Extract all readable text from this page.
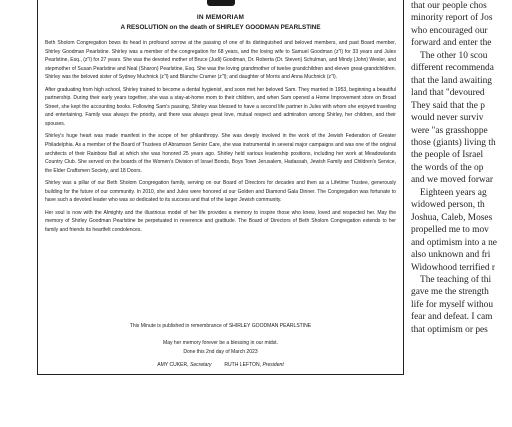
IN MEMORIAM
A RESOLUTION on the death of SHIRLEY GOODMAN PEARLSTINE

Beth Sholom Congregation bows its head in profound sorrow at the passing of one of its distinguished and beloved members, and past Board member, Shirley Goodman Pearlstine. Shirley was a member of the congregation for 68 years, and the loving wife to Samuel Goodman (z"l) for 33 years and Jules Pearlstine, Esq., (z"l) for 27 years. She was the devoted mother of Bruce (Judi) Goodman, Dr. Roberta (Dr. Steven) Schulman, and Mindy (John) Wexler, and stepmother of Susan Pearlstine and Neal (Sharon) Pearlstine, Esq. She was the loving grandmother of twelve grandchildren and eleven great-grandchildren. Shirley was the beloved sister of Sydney Muchnick (z"l) and Blanche Cramer (z"l); and daughter of Morris and Anna Muchnick (z"l).

After graduating from high school, Shirley trained to become a dental hygienist, and soon met her beloved Sam. They married in 1953, beginning a beautiful partnership. During their early years together, she was a stay-at-home mom to their children, and when Sam opened a Home Improvement store on Broad Street, she kept the accounting books. Following Sam's passing, Shirley was blessed to have a second life partner in Jules with whom she enjoyed traveling and entertaining. Family was always the priority, and there was always great love, mutual respect and admiration among Shirley, her children, and their spouses.

Shirley's huge heart was made manifest in the scope of her philanthropy. She was deeply involved in the work of the Jewish Federation of Greater Philadelphia. As a member of the Board of Trustees of Abramson Senior Care, she was instrumental in several major campaigns and was one of the original architects of their Rainbow Ball at which she was honored 25 years ago. Shirley held various leadership positions, including her work at Meadowlands Country Club. She served on the boards of the Women's Division of Israel Bonds, Boys Town Jerusalem, Hadassah, Jewish Family and Children's Service, the Elder Craftsmen Society, and 18 Doors.

Shirley was a pillar of our Beth Sholom Congregation family, serving on our Board of Directors for decades and then as a Lifetime Trustee, generously building for the future of our community. In 2010, she and Jules were honored at our Golden and Diamond Gala Dinner. The Congregation was fortunate to have such a devoted leader who was so dedicated to its success and that of the larger Jewish community.

Her soul is now with the Almighty and the illustrious model of her life provides a memory to inspire those who knew, loved and respected her. May the memory of Shirley Goodman Pearlstine be perpetuated in reverence and gratitude. The Board of Directors of Beth Sholom Congregation extends to her family and friends its heartfelt condolences.

This Minute is published in remembrance of SHIRLEY GOODMAN PEARLSTINE
May her memory forever be a blessing in our midst.
Done this 2nd day of March 2023
AMY CUKER, Secretary	RUTH LEFTON, President

that our people chos

minority report of Jos

who encouraged our

forward and enter the

The other 10 scou

different recommenda

that the land awaiting

land that "devoured

They said that the p

would never surviv

were "as grasshoppe

those (giants) living th

the people of Israel

the words of the op

and we moved forwar

Eighteen years ag

widowed person, th

Joshua, Caleb, Moses

propelled me to mov

and optimism into a ne

also unknown and fri

Widowhood terrified r

The teaching of thi

gave me the strength

life for myself withou

fear and defeat. I cam

that optimism or pes
